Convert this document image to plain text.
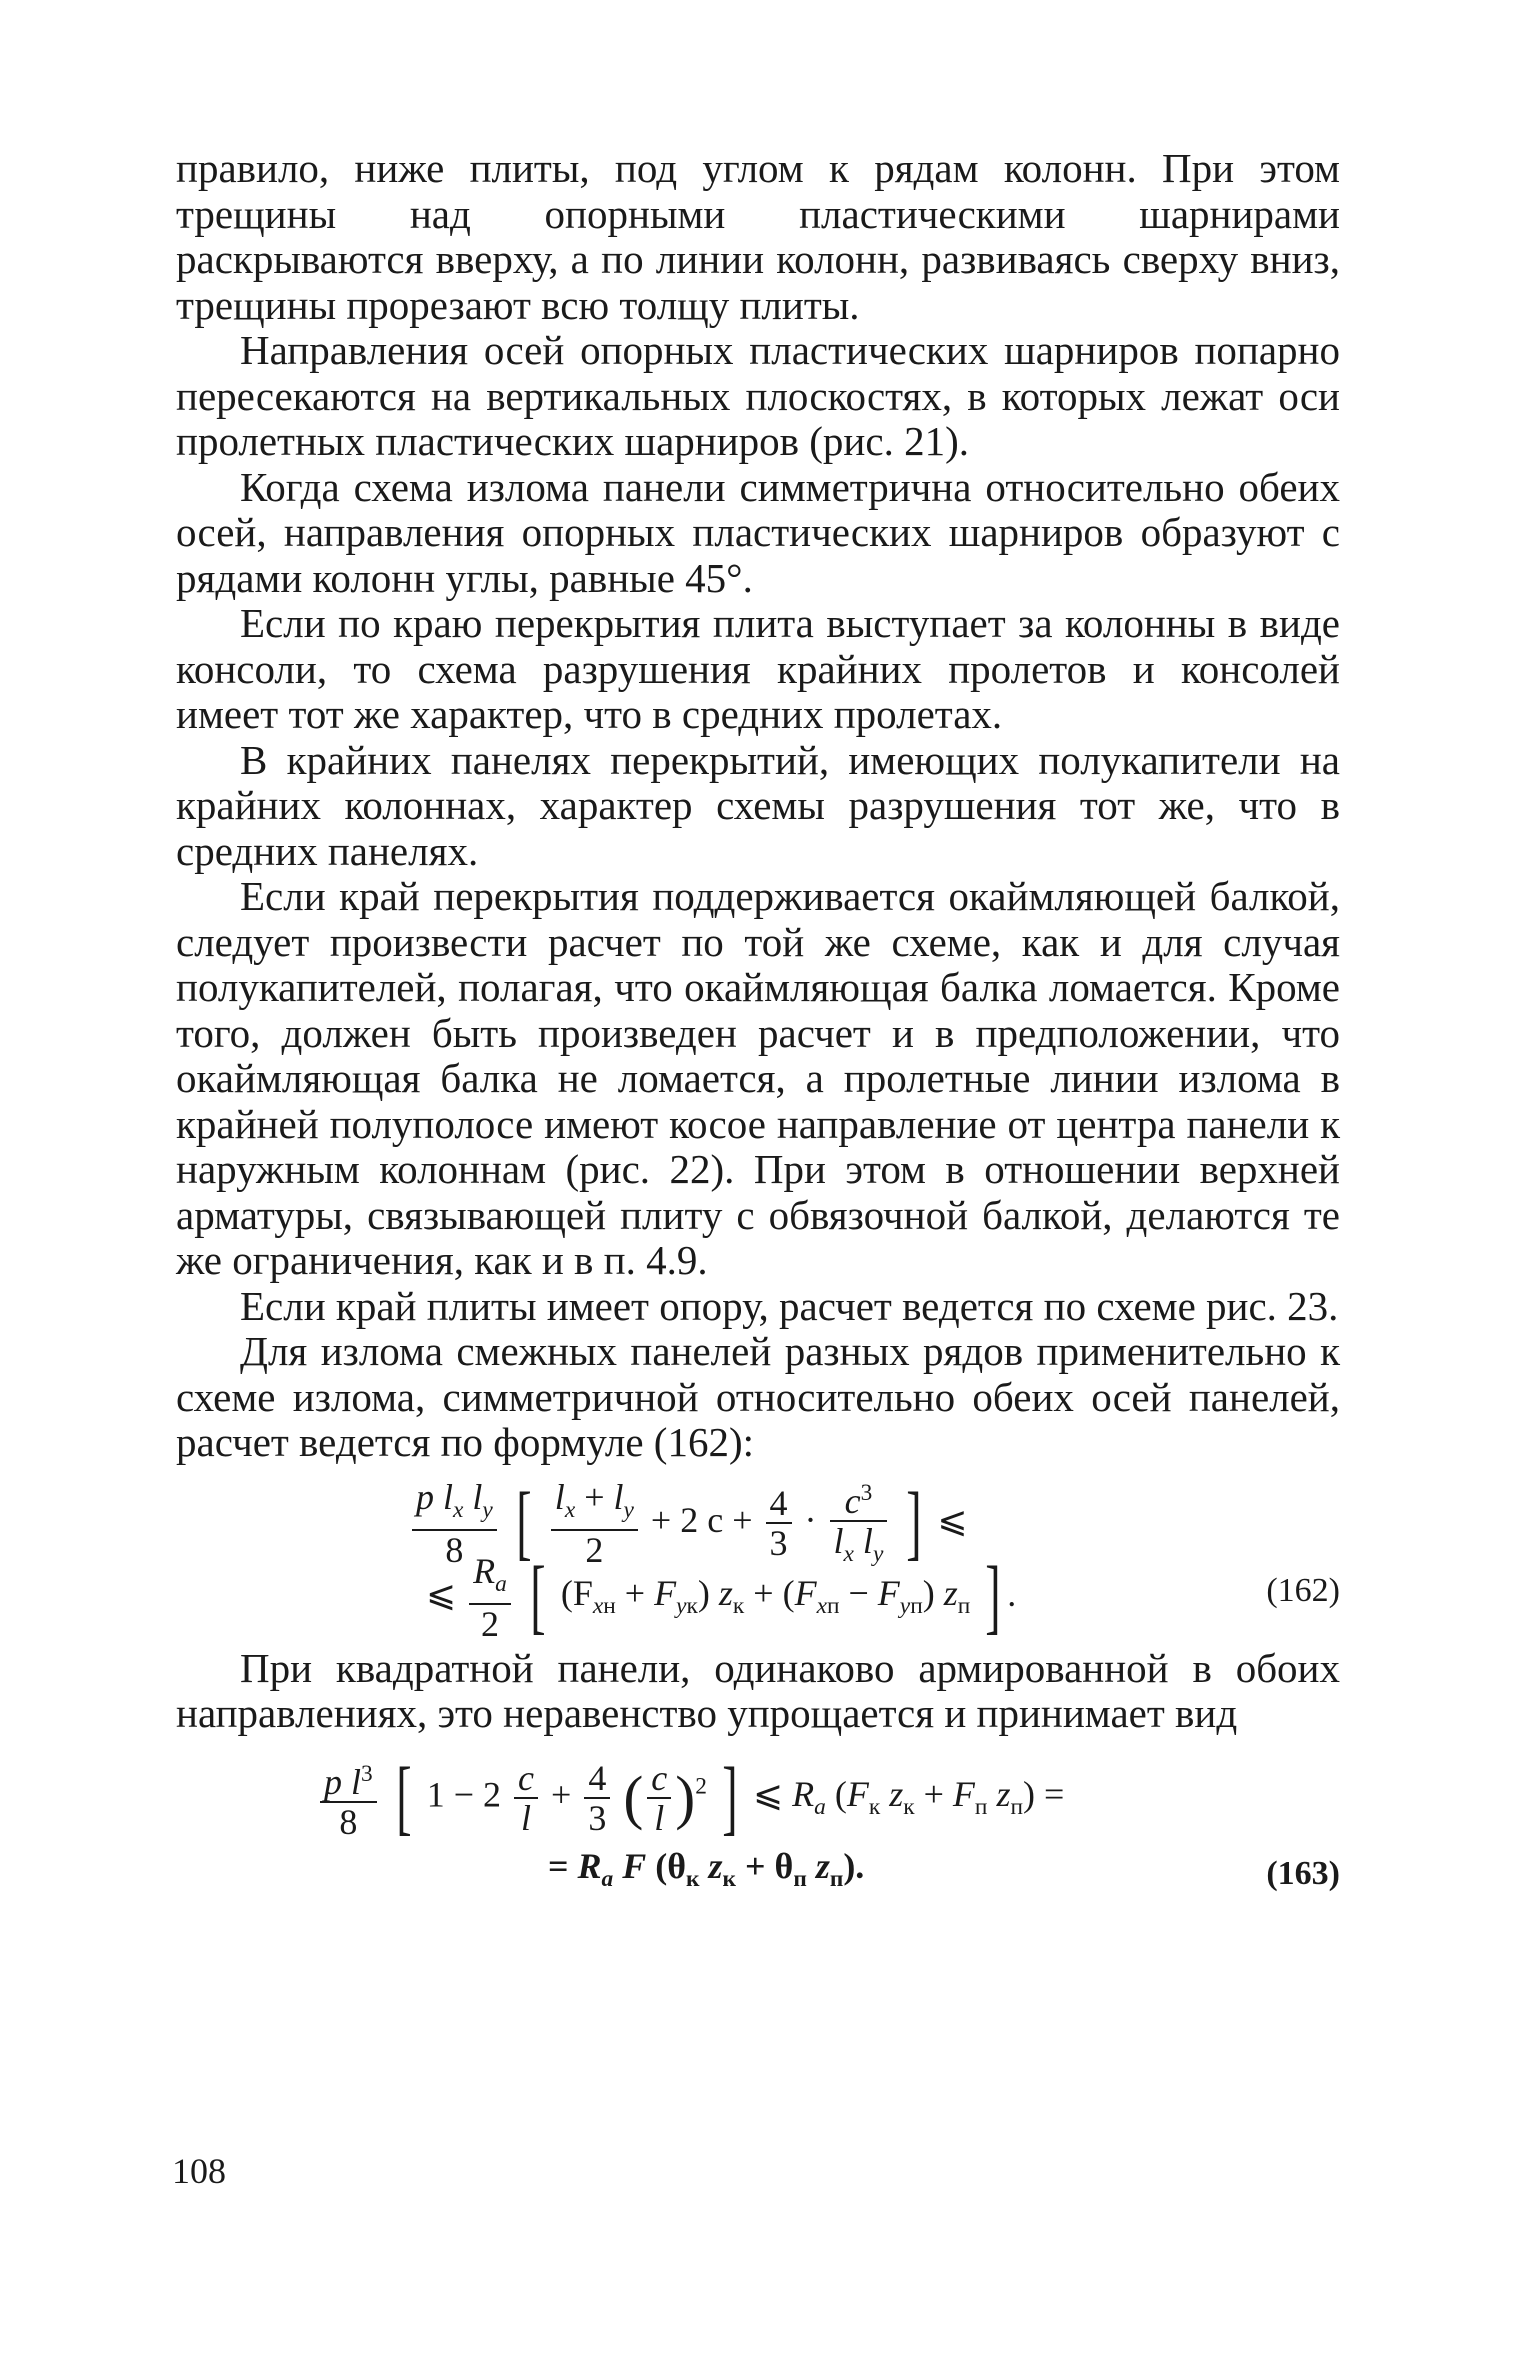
правило, ниже плиты, под углом к рядам колонн. При этом трещины над опорными пластическими шарнирами раскрываются вверху, а по линии колонн, развиваясь сверху вниз, трещины прорезают всю толщу плиты.

Направления осей опорных пластических шарниров попарно пересекаются на вертикальных плоскостях, в которых лежат оси пролетных пластических шарниров (рис. 21).

Когда схема излома панели симметрична относительно обеих осей, направления опорных пластических шарниров образуют с рядами колонн углы, равные 45°.

Если по краю перекрытия плита выступает за колонны в виде консоли, то схема разрушения крайних пролетов и консолей имеет тот же характер, что в средних пролетах.

В крайних панелях перекрытий, имеющих полукапители на крайних колоннах, характер схемы разрушения тот же, что в средних панелях.

Если край перекрытия поддерживается окаймляющей балкой, следует произвести расчет по той же схеме, как и для случая полукапителей, полагая, что окаймляющая балка ломается. Кроме того, должен быть произведен расчет и в предположении, что окаймляющая балка не ломается, а пролетные линии излома в крайней полуполосе имеют косое направление от центра панели к наружным колоннам (рис. 22). При этом в отношении верхней арматуры, связывающей плиту с обвязочной балкой, делаются те же ограничения, как и в п. 4.9.

Если край плиты имеет опору, расчет ведется по схеме рис. 23.

Для излома смежных панелей разных рядов применительно к схеме излома, симметричной относительно обеих осей панелей, расчет ведется по формуле (162):

$\frac{p l_x l_y}{8}$ [ $\frac{l_x + l_y}{2} + 2$ $c + \frac{4}{3} \cdot \frac{c^3}{l_x l_y}$ ] ⩽
⩽ $\frac{R_a}{2}$ [ $(F_{xн} + F_{yк}) z_к + (F_{xп} - F_{yп})$ $z_п$ ] .	(162)

При квадратной панели, одинаково армированной в обоих направлениях, это неравенство упрощается и принимает вид

$\frac{p l^3}{8}$ [ $1 - 2 \frac{c}{l} + \frac{4}{3}$ ( $\frac{c}{l} )^2$ ] ⩽ $R_a$ ($F_к$ $z_к + F_п$ $z_п$) =
= $R_a$ F ($\theta_к$ $z_к + \theta_п$ $z_п$).	(163)
108
